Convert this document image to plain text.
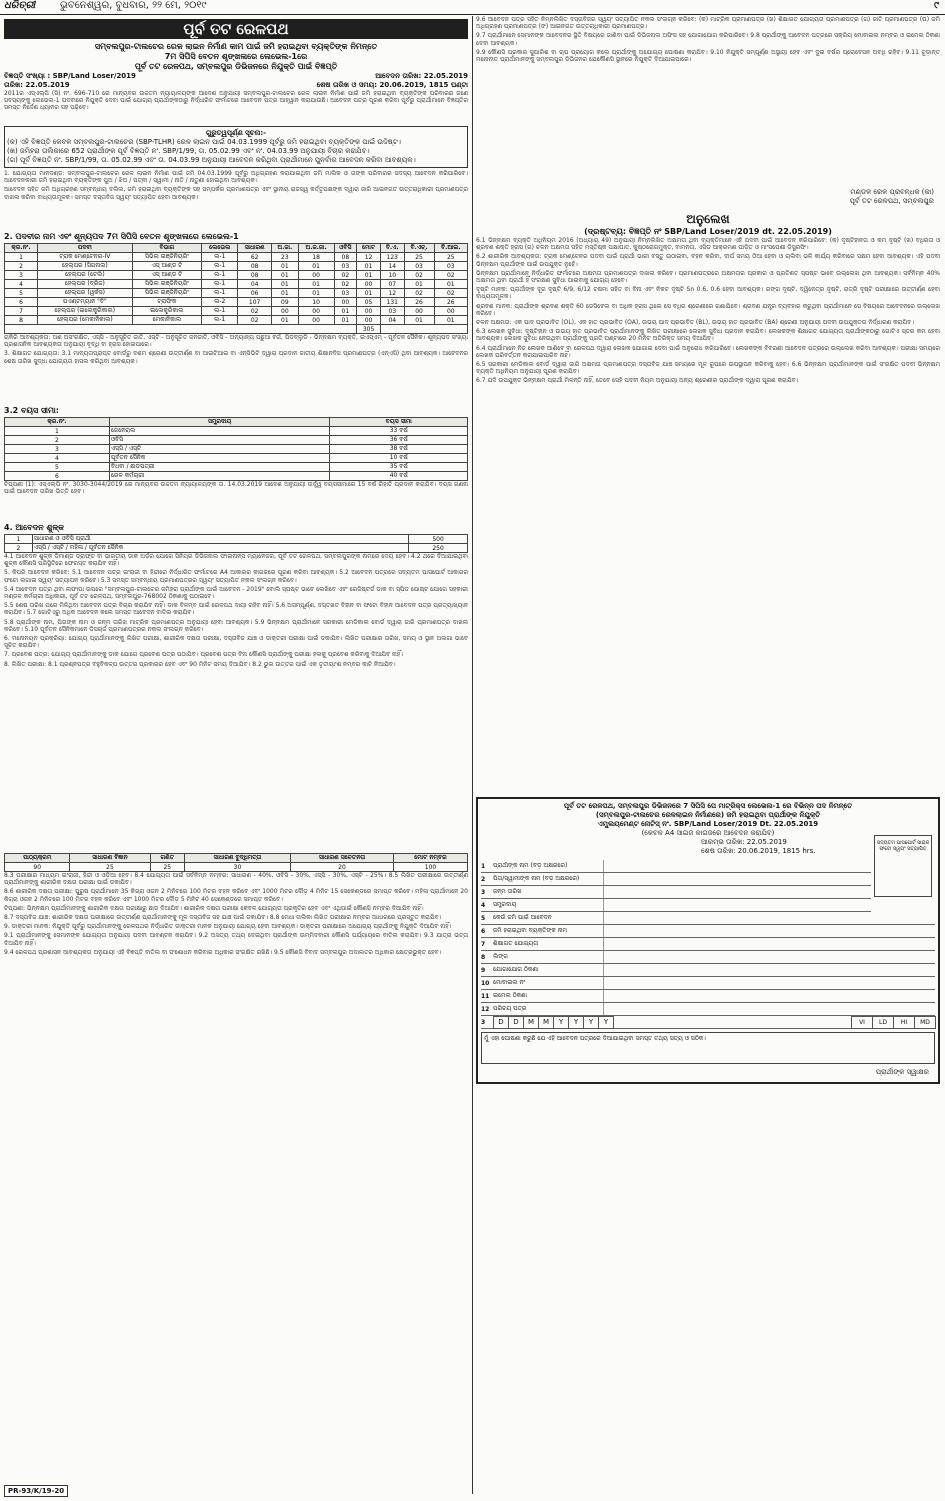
ଧରିତ୍ରୀ ଭୁବନେଶ୍ୱର, ବୁଧବାର, ୨୨ ମେ, ୨୦୧୯	୯
ପୂର୍ବ ତଟ ରେଳପଥ
ସମ୍ବଲପୁର-ଟାଲଚେର ରେଳ ଲାଇନ ନିର୍ମାଣ କାମ ପାଇଁ ଜମି ହରାଇଥିବା ବ୍ୟକ୍ତିଙ୍କ ନିମନ୍ତେ
7ମ ସିପିସି ବେତନ ଶୃଙ୍ଖଳାରେ ଲେଭେଲ-1ରେ
ପୂର୍ବ ତଟ ରେଳପଥ, ସମ୍ବଲପୁର ଡିଭିଜନରେ ନିଯୁକ୍ତି ପାଇଁ ବିଜ୍ଞପ୍ତି
ବିଜ୍ଞପ୍ତି ସଂଖ୍ୟା : SBP/Land Loser/2019	ଆବେଦନ ତାରିଖ: 22.05.2019
ତାରିଖ: 22.05.2019	ଶେଷ ତାରିଖ ଓ ସମୟ: 20.06.2019, 1815 ଘଣ୍ଟା

2011ର ଏସ୍‌ଏଲ୍‌ପି (ସି) ନଂ. 696-710 ରେ ମାନ୍ୟବର ଉଚ୍ଚତମ ନ୍ୟାୟାଳୟଙ୍କ ଆଦେଶ ଅନୁଯାୟୀ ସମ୍ବଲପୁର-ଟାଲଚେର ରେଳ ଲାଇନ ନିର୍ମାଣ ପାଇଁ ଜମି ହରାଇଥିବା ବ୍ୟକ୍ତିଙ୍କ ପରିବାରର ଜଣେ ସଦସ୍ୟଙ୍କୁ ଲେଭେଲ-1 ପଦବୀରେ ନିଯୁକ୍ତି ଦେବା ପାଇଁ ଯୋଗ୍ୟ ପ୍ରାର୍ଥୀଙ୍କଠାରୁ ନିର୍ଦ୍ଧାରିତ ଫର୍ମାଟରେ ଆବେଦନ ପତ୍ର ଆହ୍ୱାନ କରାଯାଉଛି। ଆବେଦନ ପତ୍ର ପୂରଣ କରିବା ପୂର୍ବରୁ ପ୍ରାର୍ଥୀମାନେ ବିଜ୍ଞପ୍ତିର ସମସ୍ତ ନିର୍ଦ୍ଦେଶ ଧ୍ୟାନର ସହ ପଢ଼ିବେ।

ଗୁରୁତ୍ୱପୂର୍ଣ୍ଣ ସୂଚନା:-
(କ) ଏହି ବିଜ୍ଞପ୍ତି କେବଳ ସମ୍ବଲପୁର-ଟାଲଚେର (SBP-TLHR) ରେଳ ଲାଇନ ପାଇଁ 04.03.1999 ପୂର୍ବରୁ ଜମି ହରାଇଥିବା ବ୍ୟକ୍ତିଙ୍କ ପାଇଁ ଉଦ୍ଦିଷ୍ଟ।
(ଖ) ଜମିହରା ତାଲିକାରେ 652 ପ୍ରାର୍ଥୀଙ୍କ ପୂର୍ବ ବିଜ୍ଞପ୍ତି ନଂ. SBP/1/99, ତା. 05.02.99 ଏବଂ ନଂ. 04.03.99 ଅନୁଯାୟୀ ବିଚାର କରାଯିବ।
(ଗ) ପୂର୍ବ ବିଜ୍ଞପ୍ତି ନଂ. SBP/1/99, ତା. 05.02.99 ଏବଂ ତା. 04.03.99 ଅନୁଯାୟୀ ଆବେଦନ କରିଥିବା ପ୍ରାର୍ଥୀମାନେ ପୁନର୍ବାର ଆବେଦନ କରିବା ଆବଶ୍ୟକ।

1. ଯୋଗ୍ୟତା ମାନଦଣ୍ଡ: ସମ୍ବଲପୁର-ଟାଲଚେର ରେଳ ଲାଇନ ନିର୍ମାଣ ପାଇଁ ଜମି 04.03.1999 ପୂର୍ବରୁ ଅଧିଗ୍ରହଣ କରାଯାଇଥିବା ଜମି ମାଲିକ ଓ ତାଙ୍କ ପରିବାରର ସଦସ୍ୟ ଆବେଦନ କରିପାରିବେ। ଆବେଦନକାରୀ ଜମି ହରାଇଥିବା ବ୍ୟକ୍ତିଙ୍କ ପୁଅ / ଝିଅ / ପତ୍ନୀ / ସ୍ୱାମୀ / ନାତି / ନାତୁଣୀ ହୋଇଥିବା ଆବଶ୍ୟକ।

ଆବେଦନ ସହିତ ଜମି ଅଧିଗ୍ରହଣ ସମ୍ବନ୍ଧୀୟ ଦଲିଲ, ଜମି ହରାଇଥିବା ବ୍ୟକ୍ତିଙ୍କ ସହ ସମ୍ପର୍କର ପ୍ରମାଣପତ୍ର ଏବଂ ସ୍ଥାନୀୟ ରାଜସ୍ୱ କର୍ତ୍ତୃପକ୍ଷଙ୍କ ଦ୍ୱାରା ଜାରି ଆଇନଗତ ଉତ୍ତରାଧିକାରୀ ପ୍ରମାଣପତ୍ର ଦାଖଲ କରିବା ବାଧ୍ୟତାମୂଳକ। ସମସ୍ତ ଦସ୍ତାବିଜ ସ୍ୱୟଂ ସତ୍ୟାପିତ ହେବା ଆବଶ୍ୟକ।

2. ପଦବୀର ନାମ ଏବଂ ଶୂନ୍ୟପଦ 7ମ ସିପିସି ବେତନ ଶୃଙ୍ଖଳାରେ ଲେଭେଲ-1
କ୍ର.ନଂ.	ପଦବୀ	ବିଭାଗ	ଲେଭେଲ	ସାଧାରଣ	ଅ.ଜା.	ଅ.ଜ.ଜା.	ଓବିସି	ମୋଟ	ବି.ଏ.	ବି.ଏଚ୍.	ବି.ଆଇ.
1	ଟ୍ରାକ ମେଣ୍ଟେନର-IV	ସିଭିଲ ଇଞ୍ଜିନିୟରିଂ	ଲ-1	62	23	18	08	12	123	25	25
2	ହେଲ୍ପର (ସିଗନାଲ)	ଏସ୍ ଆଣ୍ଡ ଟି	ଲ-1	08	01	01	03	01	14	03	03
3	ହେଲ୍ପର (ଟେଲି)	ଏସ୍ ଆଣ୍ଡ ଟି	ଲ-1	08	01	00	02	01	10	02	02
4	ହେଲ୍ପର (ବ୍ରିଜ)	ସିଭିଲ ଇଞ୍ଜିନିୟରିଂ	ଲ-1	04	01	01	02	00	07	01	01
5	ହେଲ୍ପର (ୱର୍କସ)	ସିଭିଲ ଇଞ୍ଜିନିୟରିଂ	ଲ-1	06	01	01	03	01	12	02	02
6	ପଏଣ୍ଟମ୍ୟାନ "ବି"	ଟ୍ରାଫିକ	ଲ-2	107	09	10	00	05	131	26	26
7	ହେଲ୍ପର (ଇଲେକ୍ଟ୍ରିକାଲ)	ଇଲେକ୍ଟ୍ରିକାଲ	ଲ-1	02	00	00	01	00	03	00	00
8	ହେଲ୍ପର (ମେକାନିକାଲ)	ମେକାନିକାଲ	ଲ-1	02	01	00	01	00	04	01	01
								305			

ଚାକିରି ଆବଶ୍ୟକତା: ଅଣ ଅସଂରକ୍ଷିତ, ଏସ୍‌ସି - ଅନୁସୂଚିତ ଜାତି, ଏସ୍‌ଟି - ଅନୁସୂଚିତ ଜନଜାତି, ଓବିସି - ଅନ୍ୟାନ୍ୟ ପଛୁଆ ବର୍ଗ, ପିଡବ୍ଲୁଡି - ଭିନ୍ନକ୍ଷମ ବ୍ୟକ୍ତି, ଇଏସ୍‌ଏମ୍ - ପୂର୍ବତନ ସୈନିକ। ଶୂନ୍ୟପଦ ସଂଖ୍ୟା ପ୍ରଶାସନିକ ଆବଶ୍ୟକତା ଅନୁଯାୟୀ ବୃଦ୍ଧି ବା ହ୍ରାସ ହୋଇପାରେ।

3. ଶିକ୍ଷାଗତ ଯୋଗ୍ୟତା: 3.1 ମାନ୍ୟତାପ୍ରାପ୍ତ ବୋର୍ଡରୁ ଦଶମ ଶ୍ରେଣୀ ଉତ୍ତୀର୍ଣ୍ଣ ବା ଆଇଟିଆଇ ବା ଏନ୍‌ସିଭିଟି ଦ୍ୱାରା ପ୍ରଦାନ ଜାତୀୟ ଶିକ୍ଷାନବିସ ପ୍ରମାଣପତ୍ର (ଏନ୍‌ଏସି) ଥିବା ଆବଶ୍ୟକ। ଆବେଦନର ଶେଷ ତାରିଖ ସୁଦ୍ଧା ଯୋଗ୍ୟତା ହାସଲ କରିଥିବା ଆବଶ୍ୟକ।

3.2 ବୟସ ସୀମା:
କ୍ର.ନଂ.	ସମ୍ପ୍ରଦାୟ	ବୟସ ସୀମା
1	ଜେନେରାଲ	33 ବର୍ଷ
2	ଓବିସି	36 ବର୍ଷ
3	ଏସ୍‌ସି / ଏସ୍‌ଟି	38 ବର୍ଷ
4	ପୂର୍ବତନ ସୈନିକ	10 ବର୍ଷ
5	ବିଧବା / ଛାଡପତ୍ରୀ	35 ବର୍ଷ
6	ରେଳ କର୍ମଚାରୀ	40 ବର୍ଷ

ଟିପ୍ପଣୀ (1): ଏସ୍‌ଏଲ୍‌ପି ନଂ. 3030-3044/2019 ରେ ମାନ୍ୟବର ଉଚ୍ଚତମ ନ୍ୟାୟାଳୟଙ୍କ ତା. 14.03.2019 ଆଦେଶ ଅନୁଯାୟୀ ଉର୍ଦ୍ଧ୍ୱ ବୟସସୀମାରେ 15 ବର୍ଷ ରିହାତି ପ୍ରଦାନ କରାଯିବ। ବୟସ ଗଣନା ପାଇଁ ଆବେଦନ ତାରିଖ ଭିତ୍ତି ହେବ।

4. ଆବେଦନ ଶୁଳ୍କ
1	ସାଧାରଣ ଓ ଓବିସି ପ୍ରାର୍ଥୀ	500
2	ଏସ୍‌ସି / ଏସ୍‌ଟି / ମହିଳା / ପୂର୍ବତନ ସୈନିକ	250

4.1 ଆବେଦନ ଶୁଳ୍କ ଡିମାଣ୍ଡ ଡ୍ରାଫ୍ଟ ବା ଭାରତୀୟ ଡାକ ଅର୍ଡର ଯୋଗେ ସିନିୟର ଡିଭିଜନାଲ ଫାଇନାନ୍ସ ମ୍ୟାନେଜର, ପୂର୍ବ ତଟ ରେଳପଥ, ସମ୍ବଲପୁରଙ୍କ ନାମରେ ଦେୟ ହେବ। 4.2 ଥରେ ଦିଆଯାଇଥିବା ଶୁଳ୍କ କୌଣସି ପରିସ୍ଥିତିରେ ଫେରସ୍ତ କରାଯିବ ନାହିଁ।

5. କିପରି ଆବେଦନ କରିବେ: 5.1 ଆବେଦନ ପତ୍ର ଇଂରାଜୀ ବା ହିନ୍ଦୀରେ ନିର୍ଦ୍ଧାରିତ ଫର୍ମାଟରେ A4 ଆକାରର କାଗଜରେ ପୂରଣ କରିବା ଆବଶ୍ୟକ। 5.2 ଆବେଦନ ପତ୍ରରେ ସଦ୍ୟତମ ପାସପୋର୍ଟ ଆକାରର ଫଟୋ ଲଗାଇ ସ୍ୱୟଂ ସତ୍ୟାପନ କରିବେ। 5.3 ସମସ୍ତ ସମ୍ବନ୍ଧୀୟ ପ୍ରମାଣପତ୍ରର ସ୍ୱୟଂ ସତ୍ୟାପିତ ନକଲ ସଂଲଗ୍ନ କରିବେ।

5.4 ଆବେଦନ ପତ୍ର ଥିବା ଲଫାପା ଉପରେ "ସମ୍ବଲପୁର-ଟାଲଚେର ଜମିହରା ପ୍ରାର୍ଥୀଙ୍କ ପାଇଁ ଆବେଦନ - 2019" ବୋଲି ସ୍ପଷ୍ଟ ଭାବେ ଲେଖିବେ ଏବଂ ରେଜିଷ୍ଟର୍ଡ ଡାକ ବା ସ୍ପିଡ ପୋଷ୍ଟ ଯୋଗେ ସହକାରୀ ମଣ୍ଡଳ କର୍ମଚାରୀ ଅଧିକାରୀ, ପୂର୍ବ ତଟ ରେଳପଥ, ସମ୍ବଲପୁର-768002 ଠିକଣାକୁ ପଠାଇବେ।

5.5 ଶେଷ ତାରିଖ ପରେ ମିଳିଥିବା ଆବେଦନ ପତ୍ର ବିଚାର କରାଯିବ ନାହିଁ। ଡାକ ବିଳମ୍ବ ପାଇଁ ରେଳପଥ ଦାୟୀ ରହିବ ନାହିଁ। 5.6 ଅସମ୍ପୂର୍ଣ୍ଣ, ଦସ୍ତଖତ ବିହୀନ ବା ଫଟୋ ବିହୀନ ଆବେଦନ ପତ୍ର ପ୍ରତ୍ୟାଖ୍ୟାନ କରାଯିବ। 5.7 ଗୋଟିଏରୁ ଅଧିକ ଆବେଦନ କଲେ ସମସ୍ତ ଆବେଦନ ବାତିଲ କରାଯିବ।

5.8 ପ୍ରାର୍ଥୀଙ୍କ ନାମ, ପିତାଙ୍କ ନାମ ଓ ଜନ୍ମ ତାରିଖ ମାଟ୍ରିକ ପ୍ରମାଣପତ୍ର ଅନୁଯାୟୀ ହେବା ଆବଶ୍ୟକ। 5.9 ଭିନ୍ନକ୍ଷମ ପ୍ରାର୍ଥୀମାନେ ସରକାରୀ ମେଡିକାଲ ବୋର୍ଡ ଦ୍ୱାରା ଜାରି ପ୍ରମାଣପତ୍ର ଦାଖଲ କରିବେ। 5.10 ପୂର୍ବତନ ସୈନିକମାନେ ଡିସଚାର୍ଜ ପ୍ରମାଣପତ୍ରର ନକଲ ସଂଲଗ୍ନ କରିବେ।

6. ମନୋନୟନ ପ୍ରକ୍ରିୟା: ଯୋଗ୍ୟ ପ୍ରାର୍ଥୀମାନଙ୍କୁ ଲିଖିତ ପରୀକ୍ଷା, ଶାରୀରିକ ଦକ୍ଷତା ପରୀକ୍ଷା, ଦସ୍ତାବିଜ ଯାଞ୍ଚ ଓ ଡାକ୍ତରୀ ପରୀକ୍ଷା ପାଇଁ ଡକାଯିବ। ଲିଖିତ ପରୀକ୍ଷାର ତାରିଖ, ସମୟ ଓ ସ୍ଥାନ ଅଲଗା ଭାବେ ସୂଚିତ କରାଯିବ।

7. ପ୍ରବେଶ ପତ୍ର: ଯୋଗ୍ୟ ପ୍ରାର୍ଥୀମାନଙ୍କୁ ଡାକ ଯୋଗେ ପ୍ରବେଶ ପତ୍ର ପଠାଯିବ। ପ୍ରବେଶ ପତ୍ର ବିନା କୌଣସି ପ୍ରାର୍ଥୀଙ୍କୁ ପରୀକ୍ଷା ହଲକୁ ପ୍ରବେଶ କରିବାକୁ ଦିଆଯିବ ନାହିଁ।

8. ଲିଖିତ ପରୀକ୍ଷା: 8.1 ପ୍ରଶ୍ନପତ୍ର ବହୁବିକଳ୍ପ ଉତ୍ତର ପ୍ରକାରର ହେବ ଏବଂ 90 ମିନିଟ ସମୟ ଦିଆଯିବ। 8.2 ଭୁଲ ଉତ୍ତର ପାଇଁ ଏକ ତୃତୀୟାଂଶ ନମ୍ବର କାଟି ନିଆଯିବ।

ପାଠ୍ୟକ୍ରମ	ସାଧାରଣ ବିଜ୍ଞାନ	ଗଣିତ	ସାଧାରଣ ବୁଦ୍ଧିମତ୍ତା	ସାଧାରଣ ସଚେତନତା	ମୋଟ ନମ୍ବର
90	25	25	30	20	100

8.3 ପରୀକ୍ଷାର ମାଧ୍ୟମ ଇଂରାଜୀ, ହିନ୍ଦୀ ଓ ଓଡ଼ିଆ ହେବ। 8.4 ଯୋଗ୍ୟତା ପାଇଁ ସର୍ବନିମ୍ନ ନମ୍ବର: ସାଧାରଣ - 40%, ଓବିସି - 30%, ଏସ୍‌ସି - 30%, ଏସ୍‌ଟି - 25%। 8.5 ଲିଖିତ ପରୀକ୍ଷାରେ ଉତ୍ତୀର୍ଣ୍ଣ ପ୍ରାର୍ଥୀମାନଙ୍କୁ ଶାରୀରିକ ଦକ୍ଷତା ପରୀକ୍ଷା ପାଇଁ ଡକାଯିବ।

8.6 ଶାରୀରିକ ଦକ୍ଷତା ପରୀକ୍ଷା: ପୁରୁଷ ପ୍ରାର୍ଥୀମାନେ 35 କିଗ୍ରା ଓଜନ 2 ମିନିଟରେ 100 ମିଟର ବହନ କରିବେ ଏବଂ 1000 ମିଟର ଦୌଡ଼ 4 ମିନିଟ 15 ସେକେଣ୍ଡରେ ସମାପ୍ତ କରିବେ। ମହିଳା ପ୍ରାର୍ଥୀମାନେ 20 କିଗ୍ରା ଓଜନ 2 ମିନିଟରେ 100 ମିଟର ବହନ କରିବେ ଏବଂ 1000 ମିଟର ଦୌଡ଼ 5 ମିନିଟ 40 ସେକେଣ୍ଡରେ ସମାପ୍ତ କରିବେ।

ଟିପ୍ପଣୀ: ଭିନ୍ନକ୍ଷମ ପ୍ରାର୍ଥୀମାନଙ୍କୁ ଶାରୀରିକ ଦକ୍ଷତା ପରୀକ୍ଷାରୁ ଛାଡ଼ ଦିଆଯିବ। ଶାରୀରିକ ଦକ୍ଷତା ପରୀକ୍ଷା କେବଳ ଯୋଗ୍ୟତା ପ୍ରକୃତିର ହେବ ଏବଂ ଏଥିପାଇଁ କୌଣସି ନମ୍ବର ଦିଆଯିବ ନାହିଁ।

8.7 ଦସ୍ତାବିଜ ଯାଞ୍ଚ: ଶାରୀରିକ ଦକ୍ଷତା ପରୀକ୍ଷାରେ ଉତ୍ତୀର୍ଣ୍ଣ ପ୍ରାର୍ଥୀମାନଙ୍କୁ ମୂଳ ଦସ୍ତାବିଜ ସହ ଯାଞ୍ଚ ପାଇଁ ଡକାଯିବ। 8.8 ମେଧା ତାଲିକା ଲିଖିତ ପରୀକ୍ଷାର ନମ୍ବର ଆଧାରରେ ପ୍ରସ୍ତୁତ କରାଯିବ।

9. ଡାକ୍ତରୀ ମାନକ: ନିଯୁକ୍ତି ପୂର୍ବରୁ ପ୍ରାର୍ଥୀମାନଙ୍କୁ ରେଳପଥର ନିର୍ଦ୍ଧାରିତ ଡାକ୍ତରୀ ମାନକ ଅନୁଯାୟୀ ଯୋଗ୍ୟ ହେବା ଆବଶ୍ୟକ। ଡାକ୍ତରୀ ପରୀକ୍ଷାରେ ଅଯୋଗ୍ୟ ପ୍ରାର୍ଥୀଙ୍କୁ ନିଯୁକ୍ତି ଦିଆଯିବ ନାହିଁ।

9.1 ପ୍ରାର୍ଥୀମାନଙ୍କୁ ସେମାନଙ୍କ ଯୋଗ୍ୟତା ଅନୁଯାୟୀ ପଦବୀ ଆବଣ୍ଟନ କରାଯିବ। 9.2 ଅସତ୍ୟ ତଥ୍ୟ ଦେଇଥିବା ପ୍ରାର୍ଥୀଙ୍କ ଉମ୍ମିଦବାରୀ କୌଣସି ପର୍ଯ୍ୟାୟରେ ବାତିଲ କରାଯିବ। 9.3 ଯାତ୍ରା ଭତ୍ତା ଦିଆଯିବ ନାହିଁ।

9.4 ରେଳପଥ ପ୍ରଶାସନ ଆବଶ୍ୟକତା ଅନୁଯାୟୀ ଏହି ବିଜ୍ଞପ୍ତି ବାତିଲ ବା ସଂଶୋଧନ କରିବାର ଅଧିକାର ସଂରକ୍ଷିତ ରଖିଛି। 9.5 କୌଣସି ବିବାଦ ସମ୍ବଲପୁର ଅଦାଲତର ଅଧିକାର କ୍ଷେତ୍ରଭୁକ୍ତ ହେବ।

PR-93/K/19-20

9.6 ଆବେଦନ ପତ୍ର ସହିତ ନିମ୍ନଲିଖିତ ଦସ୍ତାବିଜର ସ୍ୱୟଂ ସତ୍ୟାପିତ ନକଲ ସଂଲଗ୍ନ କରିବେ: (କ) ମାଟ୍ରିକ ପ୍ରମାଣପତ୍ର (ଖ) ଶିକ୍ଷାଗତ ଯୋଗ୍ୟତା ପ୍ରମାଣପତ୍ର (ଗ) ଜାତି ପ୍ରମାଣପତ୍ର (ଘ) ଜମି ଅଧିଗ୍ରହଣ ପ୍ରମାଣପତ୍ର (ଙ) ଆଇନଗତ ଉତ୍ତରାଧିକାରୀ ପ୍ରମାଣପତ୍ର।

9.7 ପ୍ରାର୍ଥୀମାନେ ସେମାନଙ୍କ ଆବେଦନର ସ୍ଥିତି ବିଷୟରେ ଜାଣିବା ପାଇଁ ଡିଭିଜନାଲ ଅଫିସ ସହ ଯୋଗାଯୋଗ କରିପାରିବେ। 9.8 ପ୍ରାର୍ଥୀଙ୍କୁ ଆବେଦନ ପତ୍ରରେ ସକ୍ରିୟ ମୋବାଇଲ ନମ୍ବର ଓ ଇମେଲ ଠିକଣା ଦେବା ଆବଶ୍ୟକ।

9.9 କୌଣସି ପ୍ରକାର ସୁପାରିଶ ବା ଚାପ ପ୍ରୟୋଗ କଲେ ପ୍ରାର୍ଥୀଙ୍କୁ ଅଯୋଗ୍ୟ ଘୋଷଣା କରାଯିବ। 9.10 ନିଯୁକ୍ତି ସମ୍ପୂର୍ଣ୍ଣ ଅସ୍ଥାୟୀ ହେବ ଏବଂ ଦୁଇ ବର୍ଷର ପ୍ରୋବେସନ ଅବଧି ରହିବ। 9.11 ଚୂଡ଼ାନ୍ତ ମନୋନୀତ ପ୍ରାର୍ଥୀମାନଙ୍କୁ ସମ୍ବଲପୁର ଡିଭିଜନର ଯେକୌଣସି ସ୍ଥାନରେ ନିଯୁକ୍ତି ଦିଆଯାଇପାରେ।

ମଣ୍ଡଳ ରେଳ ପ୍ରବନ୍ଧକ (କା)
ପୂର୍ବ ତଟ ରେଳପଥ, ସମ୍ବଲପୁର
ଅନୁଲେଖ
(ଦ୍ରଷ୍ଟବ୍ୟ: ବିଜ୍ଞପ୍ତି ନଂ SBP/Land Loser/2019 dt. 22.05.2019)

6.1 ଭିନ୍ନକ୍ଷମ ବ୍ୟକ୍ତି ଅଧିନିୟମ 2016 (ଅଧ୍ୟାୟ 49) ଅନୁଯାୟୀ ନିମ୍ନଲିଖିତ ଅକ୍ଷମତା ଥିବା ବ୍ୟକ୍ତିମାନେ ଏହି ପଦବୀ ପାଇଁ ଆବେଦନ କରିପାରିବେ: (କ) ଦୃଷ୍ଟିହୀନତା ଓ କମ ଦୃଷ୍ଟି (ଖ) ବଧିରତା ଓ ଶ୍ରବଣ ଶକ୍ତି ହ୍ରାସ (ଗ) ଚଳନ ଅକ୍ଷମତା ସହିତ ମସ୍ତିଷ୍କ ପକ୍ଷାଘାତ, କୁଷ୍ଠରୋଗମୁକ୍ତ, ବାମନତା, ଏସିଡ ଆକ୍ରମଣ ପୀଡ଼ିତ ଓ ମାଂସପେଶୀ ଡିସ୍ଟ୍ରଫି।

6.2 ଶାରୀରିକ ଆବଶ୍ୟକତା: ଟ୍ରାକ ମେଣ୍ଟେନର ପଦବୀ ପାଇଁ ପ୍ରାର୍ଥୀ ଭାରୀ ବସ୍ତୁ ଉଠାଇବା, ବହନ କରିବା, ଦୀର୍ଘ ସମୟ ଠିଆ ହେବା ଓ ଚାଲିବା ଭଳି କାର୍ଯ୍ୟ କରିବାରେ ସକ୍ଷମ ହେବା ଆବଶ୍ୟକ। ଏହି ପଦବୀ ଭିନ୍ନକ୍ଷମ ପ୍ରାର୍ଥୀଙ୍କ ପାଇଁ ଉପଯୁକ୍ତ ନୁହେଁ।

ଭିନ୍ନକ୍ଷମ ପ୍ରାର୍ଥୀମାନେ ନିର୍ଦ୍ଧାରିତ ଫର୍ମାଟରେ ଅକ୍ଷମତା ପ୍ରମାଣପତ୍ର ଦାଖଲ କରିବେ। ପ୍ରମାଣପତ୍ରରେ ଅକ୍ଷମତାର ପ୍ରକାର ଓ ପ୍ରତିଶତ ସ୍ପଷ୍ଟ ଭାବେ ଉଲ୍ଲେଖ ଥିବା ଆବଶ୍ୟକ। ସର୍ବନିମ୍ନ 40% ଅକ୍ଷମତା ଥିବା ପ୍ରାର୍ଥୀ ହିଁ ସଂରକ୍ଷଣ ସୁବିଧା ପାଇବାକୁ ଯୋଗ୍ୟ ହେବେ।

ଦୃଷ୍ଟି ମାନକ: ପ୍ରାର୍ଥୀଙ୍କ ଦୂର ଦୃଷ୍ଟି 6/9, 6/12 ଚଷମା ସହିତ ବା ବିନା ଏବଂ ନିକଟ ଦୃଷ୍ଟି Sn 0.6, 0.6 ହେବା ଆବଶ୍ୟକ। ରଙ୍ଗ ଦୃଷ୍ଟି, ଦ୍ୱିନେତ୍ର ଦୃଷ୍ଟି, ରାତ୍ରି ଦୃଷ୍ଟି ପରୀକ୍ଷାରେ ଉତ୍ତୀର୍ଣ୍ଣ ହେବା ବାଧ୍ୟତାମୂଳକ।

ଶ୍ରବଣ ମାନକ: ପ୍ରାର୍ଥୀଙ୍କ ଶ୍ରବଣ ଶକ୍ତି 60 ଡେସିବେଲ ବା ଅଧିକ ହ୍ରାସ ଥିଲେ ସେ ବଧିର ଶ୍ରେଣୀରେ ଗଣାଯିବେ। ଶ୍ରବଣ ଯନ୍ତ୍ର ବ୍ୟବହାର କରୁଥିବା ପ୍ରାର୍ଥୀମାନେ ସେ ବିଷୟରେ ଆବେଦନରେ ଉଲ୍ଲେଖ କରିବେ।

ଚଳନ ଅକ୍ଷମତା: ଏକ ପାଦ ପ୍ରଭାବିତ (OL), ଏକ ହାତ ପ୍ରଭାବିତ (OA), ଉଭୟ ପାଦ ପ୍ରଭାବିତ (BL), ଉଭୟ ହାତ ପ୍ରଭାବିତ (BA) ଶ୍ରେଣୀ ଅନୁଯାୟୀ ପଦବୀ ଉପଯୁକ୍ତତା ନିର୍ଦ୍ଧାରଣ କରାଯିବ।

6.3 ଲେଖକ ସୁବିଧା: ଦୃଷ୍ଟିହୀନ ଓ ଉଭୟ ହାତ ପ୍ରଭାବିତ ପ୍ରାର୍ଥୀମାନଙ୍କୁ ଲିଖିତ ପରୀକ୍ଷାରେ ଲେଖକ ସୁବିଧା ପ୍ରଦାନ କରାଯିବ। ଲେଖକଙ୍କ ଶିକ୍ଷାଗତ ଯୋଗ୍ୟତା ପ୍ରାର୍ଥୀଙ୍କଠାରୁ ଗୋଟିଏ ସ୍ତର କମ ହେବା ଆବଶ୍ୟକ। ଲେଖକ ସୁବିଧା ନେଉଥିବା ପ୍ରାର୍ଥୀଙ୍କୁ ପ୍ରତି ଘଣ୍ଟାରେ 20 ମିନିଟ ଅତିରିକ୍ତ ସମୟ ଦିଆଯିବ।

6.4 ପ୍ରାର୍ଥୀମାନେ ନିଜ ଲେଖକ ଆଣିବେ ବା ରେଳପଥ ଦ୍ୱାରା ଲେଖକ ଯୋଗାଇ ଦେବା ପାଇଁ ଅନୁରୋଧ କରିପାରିବେ। ଲେଖକଙ୍କ ବିବରଣୀ ଆବେଦନ ପତ୍ରରେ ଉଲ୍ଲେଖ କରିବା ଆବଶ୍ୟକ। ପରୀକ୍ଷା ସମୟରେ ଲେଖକ ପରିବର୍ତ୍ତନ କରାଯାଇପାରିବ ନାହିଁ।

6.5 ସରକାରୀ ମେଡିକାଲ ବୋର୍ଡ ଦ୍ୱାରା ଜାରି ଅକ୍ଷମତା ପ୍ରମାଣପତ୍ର ଦସ୍ତାବିଜ ଯାଞ୍ଚ ସମୟରେ ମୂଳ ରୂପରେ ଉପସ୍ଥାପନ କରିବାକୁ ହେବ। 6.6 ଭିନ୍ନକ୍ଷମ ପ୍ରାର୍ଥୀମାନଙ୍କ ପାଇଁ ସଂରକ୍ଷିତ ପଦବୀ ଭିନ୍ନକ୍ଷମ ବ୍ୟକ୍ତି ଅଧିନିୟମ ଅନୁଯାୟୀ ପୂରଣ କରାଯିବ।

6.7 ଯଦି ଉପଯୁକ୍ତ ଭିନ୍ନକ୍ଷମ ପ୍ରାର୍ଥୀ ମିଳନ୍ତି ନାହିଁ, ତେବେ ସେହି ପଦବୀ ନିୟମ ଅନୁଯାୟୀ ଅନ୍ୟ ଶ୍ରେଣୀର ପ୍ରାର୍ଥୀଙ୍କ ଦ୍ୱାରା ପୂରଣ କରାଯିବ।

ପୂର୍ବ ତଟ ରେଳପଥ, ସମ୍ବଲପୁର ଡିଭିଜନରେ 7 ସିପିସି ପେ ମାଟ୍ରିକ୍ସ ଲେଭେଲ-1 ରେ ବିଭିନ୍ନ ପଦ ନିମନ୍ତେ
(ସମ୍ବଲପୁର-ଟାଲଚେର ରେଳଲାଇନ ନିର୍ମାଣରେ) ଜମି ହରାଇଥିବା ପ୍ରାର୍ଥୀଙ୍କ ନିଯୁକ୍ତି
ଏମ୍ପ୍ଲୟମେଣ୍ଟ ନୋଟିସ୍ ନଂ. SBP/Land Loser/2019 Dt. 22.05.2019
(କେବଳ A4 ସାଇଜ କାଗଜରେ ଆବେଦନ କରାଯିବ)
ଆରମ୍ଭ ତାରିଖ: 22.05.2019
ଶେଷ ତାରିଖ: 20.06.2019, 1815 hrs.
ସଦ୍ୟତମ ପାସପୋର୍ଟ ସାଇଜ ଫଟୋ ସ୍ୱୟଂ ସତ୍ୟାପିତ
1	ପ୍ରାର୍ଥୀଙ୍କ ନାମ (ବଡ଼ ଅକ୍ଷରରେ)
2	ପିତା/ସ୍ୱାମୀଙ୍କ ନାମ (ବଡ଼ ଅକ୍ଷରରେ)
3	ଜନ୍ମ ତାରିଖ
4	ସମ୍ପ୍ରଦାୟ
5	କେଉଁ ଜମି ପାଇଁ ଆବେଦନ
6	ଜମି ହରାଇଥିବା ବ୍ୟକ୍ତିଙ୍କ ନାମ
7	ଶିକ୍ଷାଗତ ଯୋଗ୍ୟତା
8	ଲିଙ୍ଗ
9	ଯୋଗାଯୋଗ ଠିକଣା
10 ମୋବାଇଲ ନଂ
11 ଇମେଲ ଠିକଣା
12 ପରିଚୟ ପତ୍ର
3	D	D	M	M	Y	Y	Y	Y	VI	LD	HI	MD
ମୁଁ ଏହା ଘୋଷଣା କରୁଛି ଯେ ଏହି ଆବେଦନ ପତ୍ରରେ ଦିଆଯାଇଥିବା ସମସ୍ତ ତଥ୍ୟ ସତ୍ୟ ଓ ସଠିକ।
ପ୍ରାର୍ଥୀଙ୍କ ସ୍ୱାକ୍ଷର
